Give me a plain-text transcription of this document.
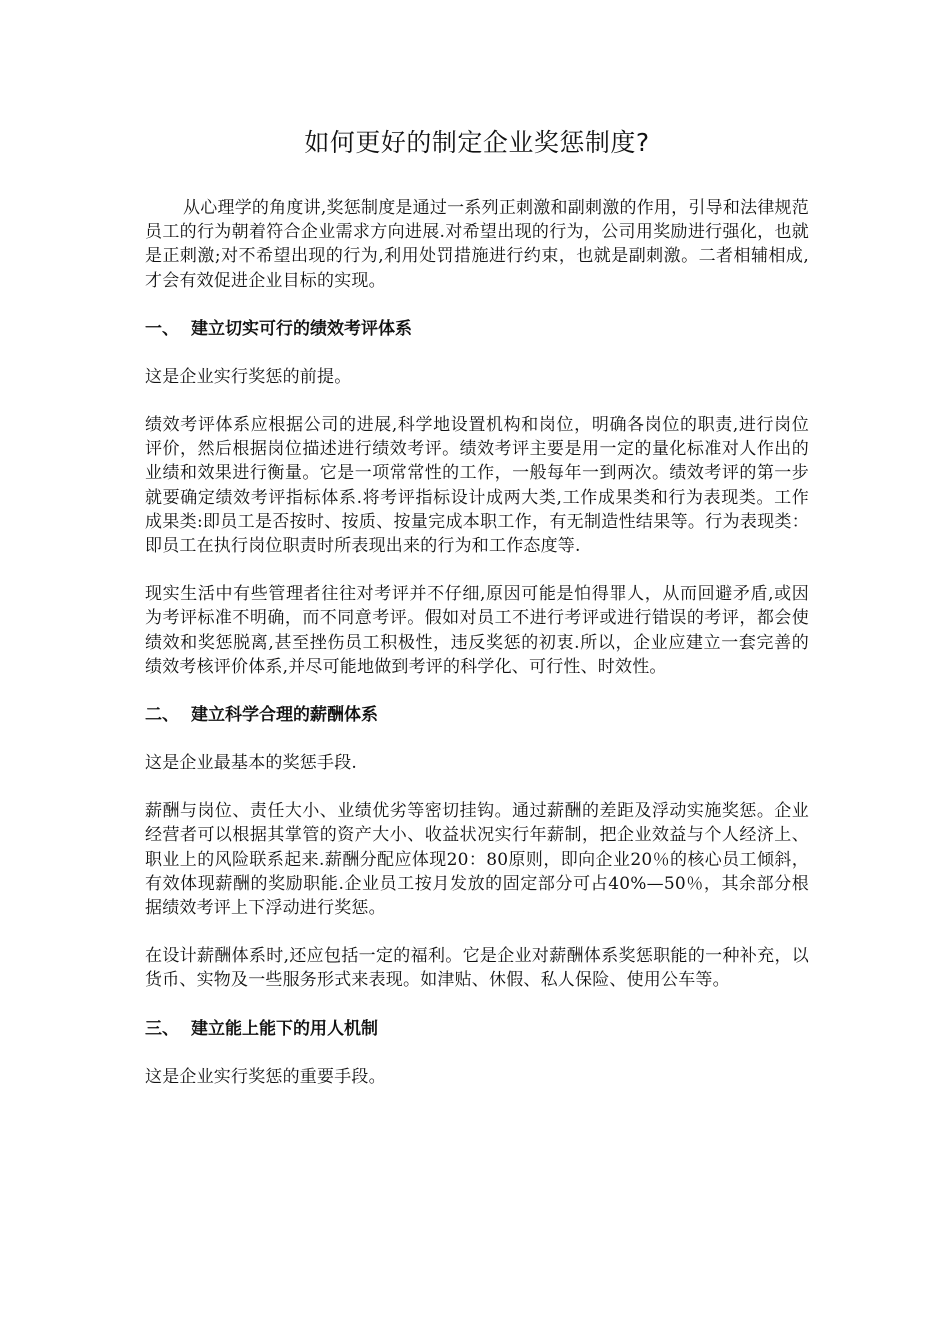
如何更好的制定企业奖惩制度?

从心理学的角度讲,奖惩制度是通过一系列正刺激和副刺激的作用，引导和法律规范员工的行为朝着符合企业需求方向进展.对希望出现的行为，公司用奖励进行强化，也就是正刺激;对不希望出现的行为,利用处罚措施进行约束，也就是副刺激。二者相辅相成,才会有效促进企业目标的实现。

一、 建立切实可行的绩效考评体系

这是企业实行奖惩的前提。

绩效考评体系应根据公司的进展,科学地设置机构和岗位，明确各岗位的职责,进行岗位评价，然后根据岗位描述进行绩效考评。绩效考评主要是用一定的量化标准对人作出的业绩和效果进行衡量。它是一项常常性的工作，一般每年一到两次。绩效考评的第一步就要确定绩效考评指标体系.将考评指标设计成两大类,工作成果类和行为表现类。工作成果类:即员工是否按时、按质、按量完成本职工作，有无制造性结果等。行为表现类：即员工在执行岗位职责时所表现出来的行为和工作态度等.

现实生活中有些管理者往往对考评并不仔细,原因可能是怕得罪人，从而回避矛盾,或因为考评标准不明确，而不同意考评。假如对员工不进行考评或进行错误的考评，都会使绩效和奖惩脱离,甚至挫伤员工积极性，违反奖惩的初衷.所以，企业应建立一套完善的绩效考核评价体系,并尽可能地做到考评的科学化、可行性、时效性。

二、 建立科学合理的薪酬体系

这是企业最基本的奖惩手段.

薪酬与岗位、责任大小、业绩优劣等密切挂钩。通过薪酬的差距及浮动实施奖惩。企业经营者可以根据其掌管的资产大小、收益状况实行年薪制，把企业效益与个人经济上、职业上的风险联系起来.薪酬分配应体现20：80原则，即向企业20％的核心员工倾斜，有效体现薪酬的奖励职能.企业员工按月发放的固定部分可占40%—50％，其余部分根据绩效考评上下浮动进行奖惩。

在设计薪酬体系时,还应包括一定的福利。它是企业对薪酬体系奖惩职能的一种补充，以货币、实物及一些服务形式来表现。如津贴、休假、私人保险、使用公车等。

三、 建立能上能下的用人机制

这是企业实行奖惩的重要手段。
